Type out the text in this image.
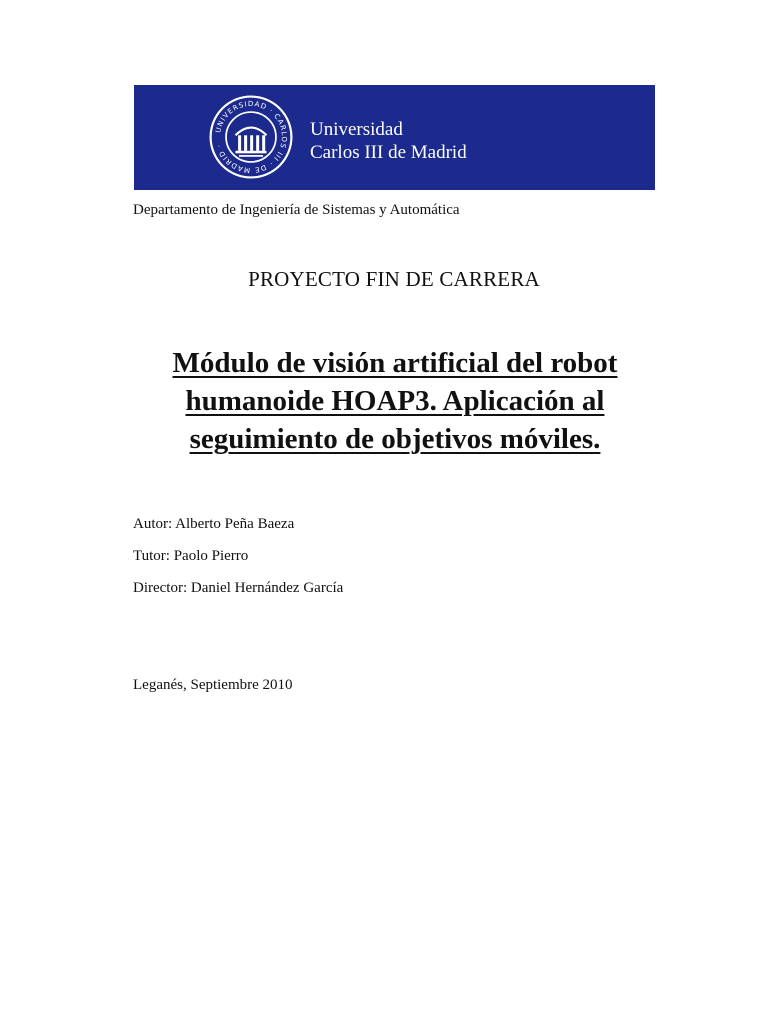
UNIVERSIDAD · CARLOS III · DE MADRID ·
Universidad
Carlos III de Madrid
Departamento de Ingeniería de Sistemas y Automática
PROYECTO FIN DE CARRERA
Módulo de visión artificial del robot
humanoide HOAP3. Aplicación al
seguimiento de objetivos móviles.
Autor: Alberto Peña Baeza
Tutor: Paolo Pierro
Director: Daniel Hernández García
Leganés, Septiembre 2010
